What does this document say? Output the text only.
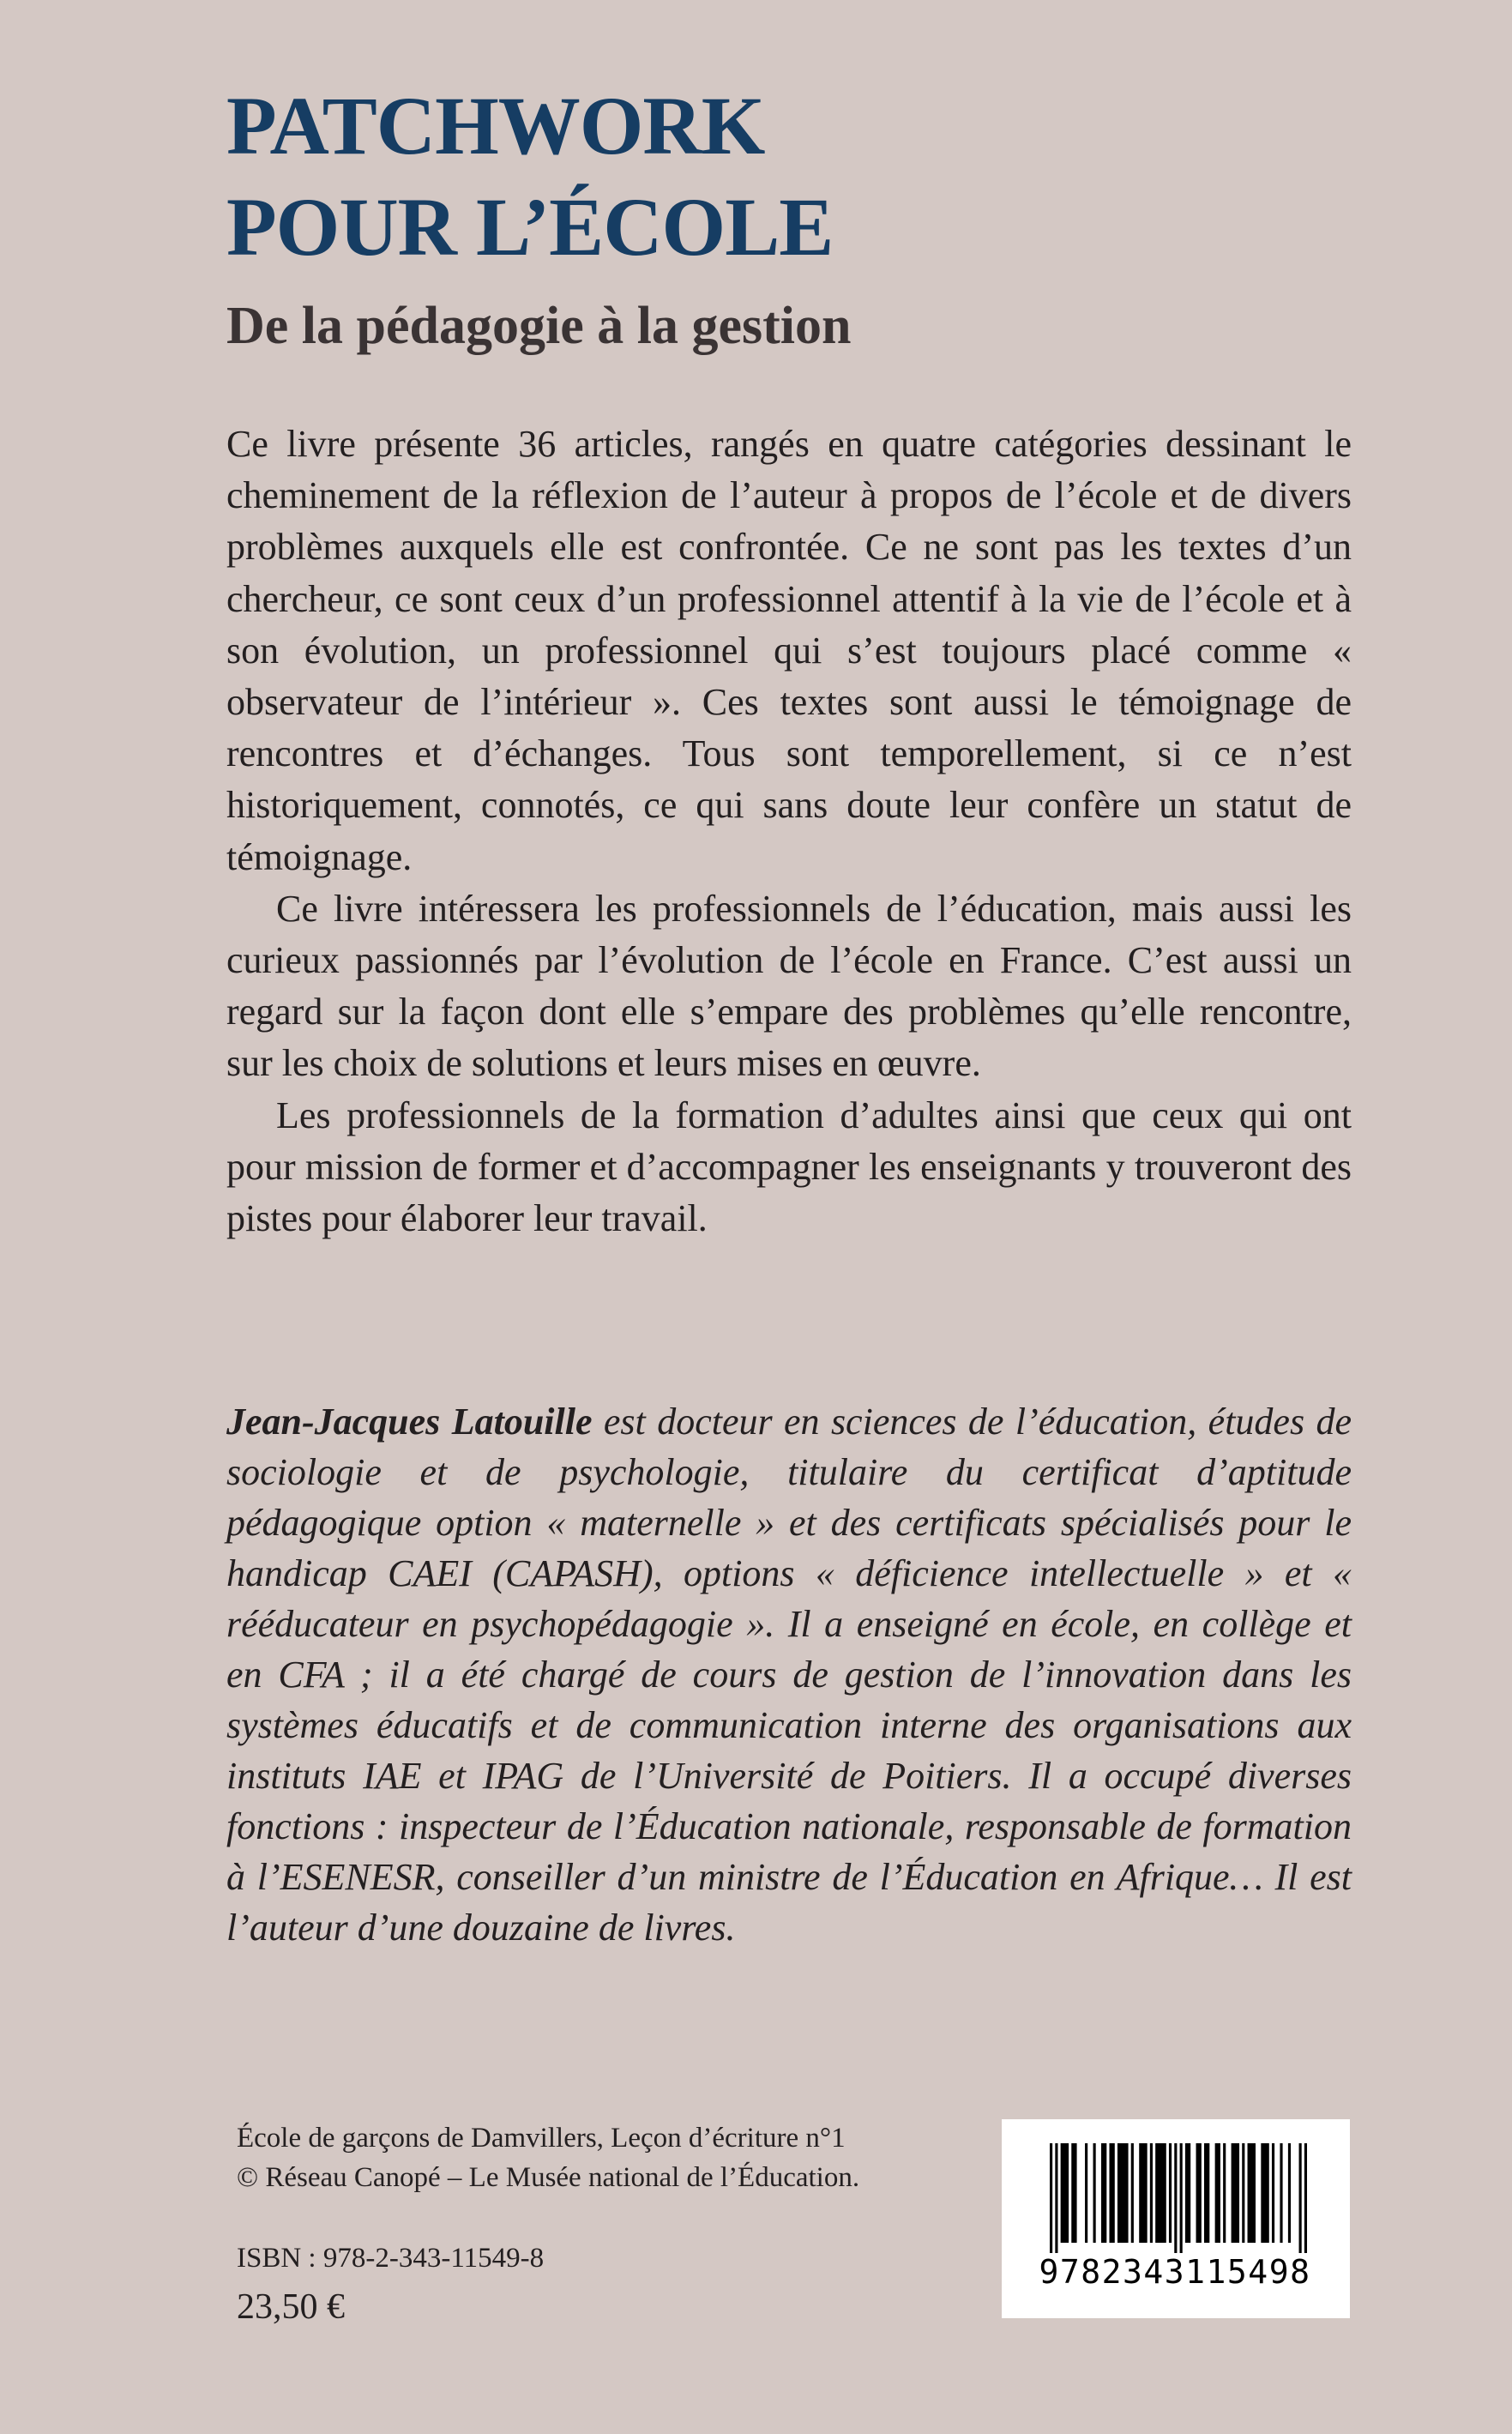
PATCHWORK
POUR L’ÉCOLE
De la pédagogie à la gestion

Ce livre présente 36 articles, rangés en quatre catégories dessinant le cheminement de la réflexion de l’auteur à propos de l’école et de divers problèmes auxquels elle est confrontée. Ce ne sont pas les textes d’un chercheur, ce sont ceux d’un professionnel attentif à la vie de l’école et à son évolution, un professionnel qui s’est toujours placé comme « observateur de l’intérieur ». Ces textes sont aussi le témoignage de rencontres et d’échanges. Tous sont temporellement, si ce n’est historiquement, connotés, ce qui sans doute leur confère un statut de témoignage.

Ce livre intéressera les professionnels de l’éducation, mais aussi les curieux passionnés par l’évolution de l’école en France. C’est aussi un regard sur la façon dont elle s’empare des problèmes qu’elle rencontre, sur les choix de solutions et leurs mises en œuvre.

Les professionnels de la formation d’adultes ainsi que ceux qui ont pour mission de former et d’accompagner les enseignants y trouveront des pistes pour élaborer leur travail.

Jean-Jacques Latouille est docteur en sciences de l’éducation, études de sociologie et de psychologie, titulaire du certificat d’aptitude pédagogique option « maternelle » et des certificats spécialisés pour le handicap CAEI (CAPASH), options « déficience intellectuelle » et « rééducateur en psychopédagogie ». Il a enseigné en école, en collège et en CFA ; il a été chargé de cours de gestion de l’innovation dans les systèmes éducatifs et de communication interne des organisations aux instituts IAE et IPAG de l’Université de Poitiers. Il a occupé diverses fonctions : inspecteur de l’Éducation nationale, responsable de formation à l’ESENESR, conseiller d’un ministre de l’Éducation en Afrique… Il est l’auteur d’une douzaine de livres.

École de garçons de Damvillers, Leçon d’écriture n°1
© Réseau Canopé – Le Musée national de l’Éducation.
ISBN : 978-2-343-11549-8
23,50 €
9782343115498
